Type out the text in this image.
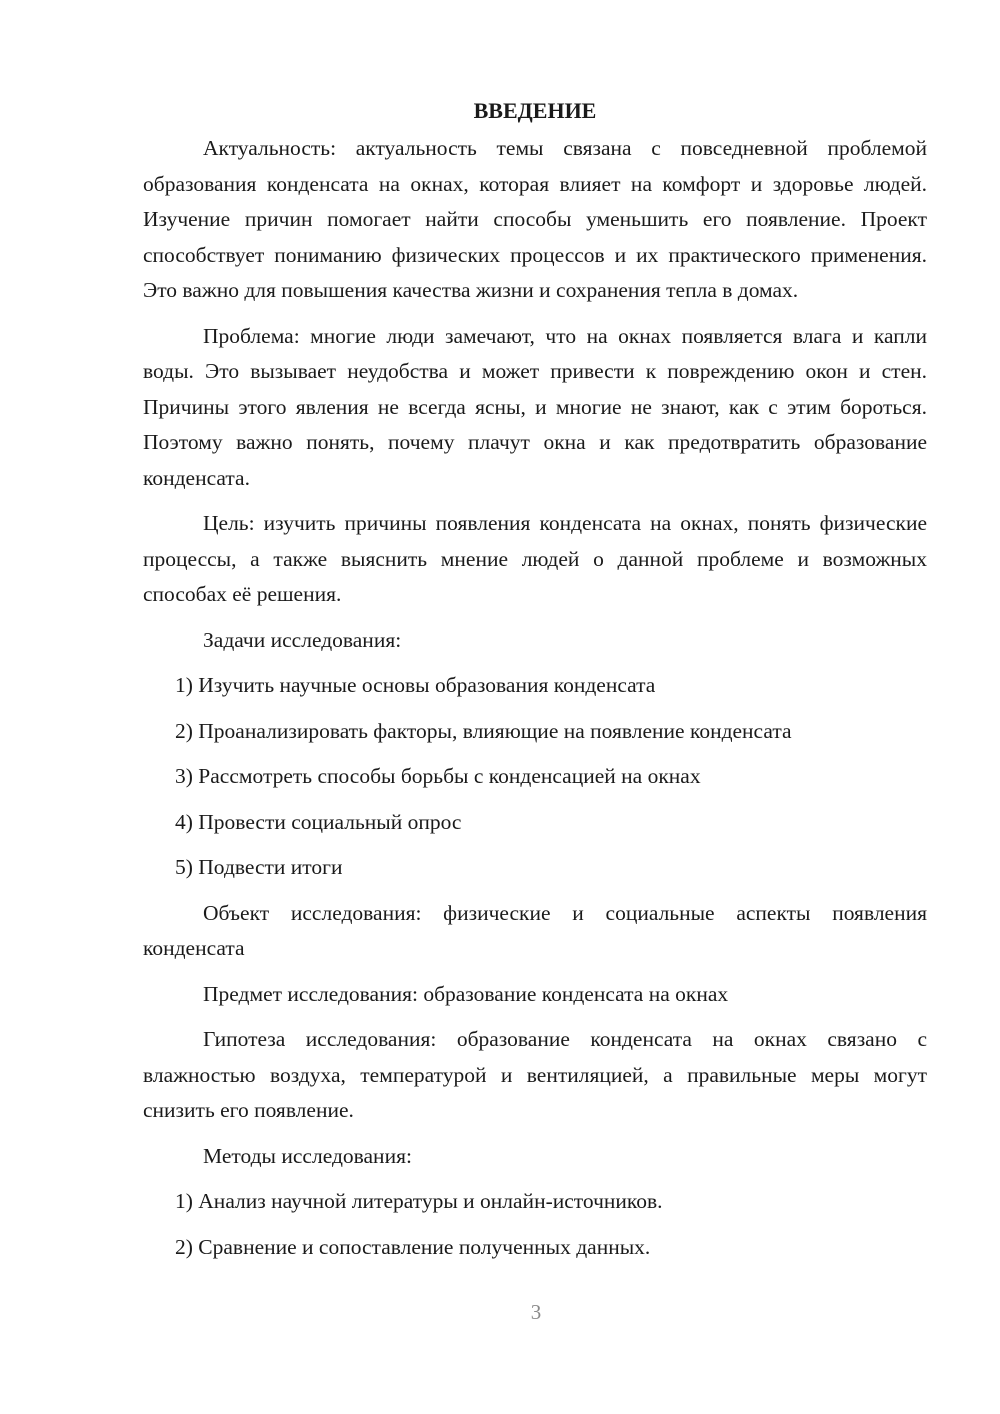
ВВЕДЕНИЕ

Актуальность: актуальность темы связана с повседневной проблемой образования конденсата на окнах, которая влияет на комфорт и здоровье людей. Изучение причин помогает найти способы уменьшить его появление. Проект способствует пониманию физических процессов и их практического применения. Это важно для повышения качества жизни и сохранения тепла в домах.

Проблема: многие люди замечают, что на окнах появляется влага и капли воды. Это вызывает неудобства и может привести к повреждению окон и стен. Причины этого явления не всегда ясны, и многие не знают, как с этим бороться. Поэтому важно понять, почему плачут окна и как предотвратить образование конденсата.

Цель: изучить причины появления конденсата на окнах, понять физические процессы, а также выяснить мнение людей о данной проблеме и возможных способах её решения.

Задачи исследования:

1) Изучить научные основы образования конденсата

2) Проанализировать факторы, влияющие на появление конденсата

3) Рассмотреть способы борьбы с конденсацией на окнах

4) Провести социальный опрос

5) Подвести итоги

Объект исследования: физические и социальные аспекты появления конденсата

Предмет исследования: образование конденсата на окнах

Гипотеза исследования: образование конденсата на окнах связано с влажностью воздуха, температурой и вентиляцией, а правильные меры могут снизить его появление.

Методы исследования:

1) Анализ научной литературы и онлайн-источников.

2) Сравнение и сопоставление полученных данных.

3
